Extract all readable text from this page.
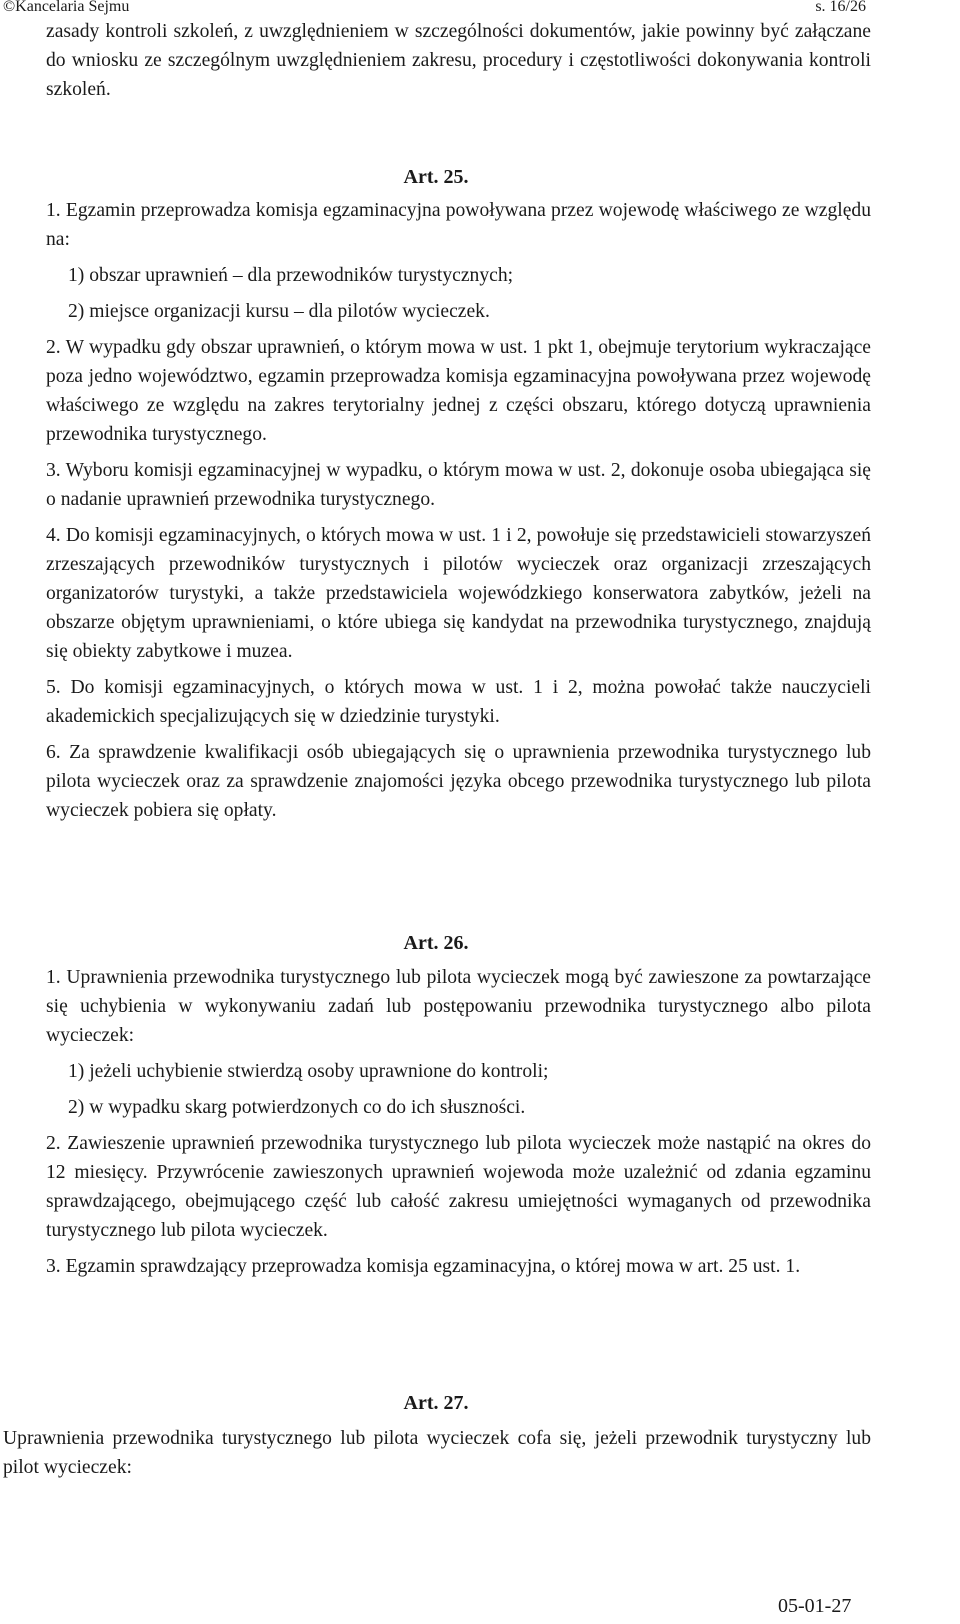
©Kancelaria Sejmu	s. 16/26

zasady kontroli szkoleń, z uwzględnieniem w szczególności dokumentów, jakie powinny być załączane do wniosku ze szczególnym uwzględnieniem zakresu, procedury i częstotliwości dokonywania kontroli szkoleń.

Art. 25.

1. Egzamin przeprowadza komisja egzaminacyjna powoływana przez wojewodę właściwego ze względu na:

1) obszar uprawnień – dla przewodników turystycznych;

2) miejsce organizacji kursu – dla pilotów wycieczek.

2. W wypadku gdy obszar uprawnień, o którym mowa w ust. 1 pkt 1, obejmuje terytorium wykraczające poza jedno województwo, egzamin przeprowadza komisja egzaminacyjna powoływana przez wojewodę właściwego ze względu na zakres terytorialny jednej z części obszaru, którego dotyczą uprawnienia przewodnika turystycznego.

3. Wyboru komisji egzaminacyjnej w wypadku, o którym mowa w ust. 2, dokonuje osoba ubiegająca się o nadanie uprawnień przewodnika turystycznego.

4. Do komisji egzaminacyjnych, o których mowa w ust. 1 i 2, powołuje się przedstawicieli stowarzyszeń zrzeszających przewodników turystycznych i pilotów wycieczek oraz organizacji zrzeszających organizatorów turystyki, a także przedstawiciela wojewódzkiego konserwatora zabytków, jeżeli na obszarze objętym uprawnieniami, o które ubiega się kandydat na przewodnika turystycznego, znajdują się obiekty zabytkowe i muzea.

5. Do komisji egzaminacyjnych, o których mowa w ust. 1 i 2, można powołać także nauczycieli akademickich specjalizujących się w dziedzinie turystyki.

6. Za sprawdzenie kwalifikacji osób ubiegających się o uprawnienia przewodnika turystycznego lub pilota wycieczek oraz za sprawdzenie znajomości języka obcego przewodnika turystycznego lub pilota wycieczek pobiera się opłaty.

Art. 26.

1. Uprawnienia przewodnika turystycznego lub pilota wycieczek mogą być zawieszone za powtarzające się uchybienia w wykonywaniu zadań lub postępowaniu przewodnika turystycznego albo pilota wycieczek:

1) jeżeli uchybienie stwierdzą osoby uprawnione do kontroli;

2) w wypadku skarg potwierdzonych co do ich słuszności.

2. Zawieszenie uprawnień przewodnika turystycznego lub pilota wycieczek może nastąpić na okres do 12 miesięcy. Przywrócenie zawieszonych uprawnień wojewoda może uzależnić od zdania egzaminu sprawdzającego, obejmującego część lub całość zakresu umiejętności wymaganych od przewodnika turystycznego lub pilota wycieczek.

3. Egzamin sprawdzający przeprowadza komisja egzaminacyjna, o której mowa w art. 25 ust. 1.

Art. 27.

Uprawnienia przewodnika turystycznego lub pilota wycieczek cofa się, jeżeli przewodnik turystyczny lub pilot wycieczek:

05-01-27
